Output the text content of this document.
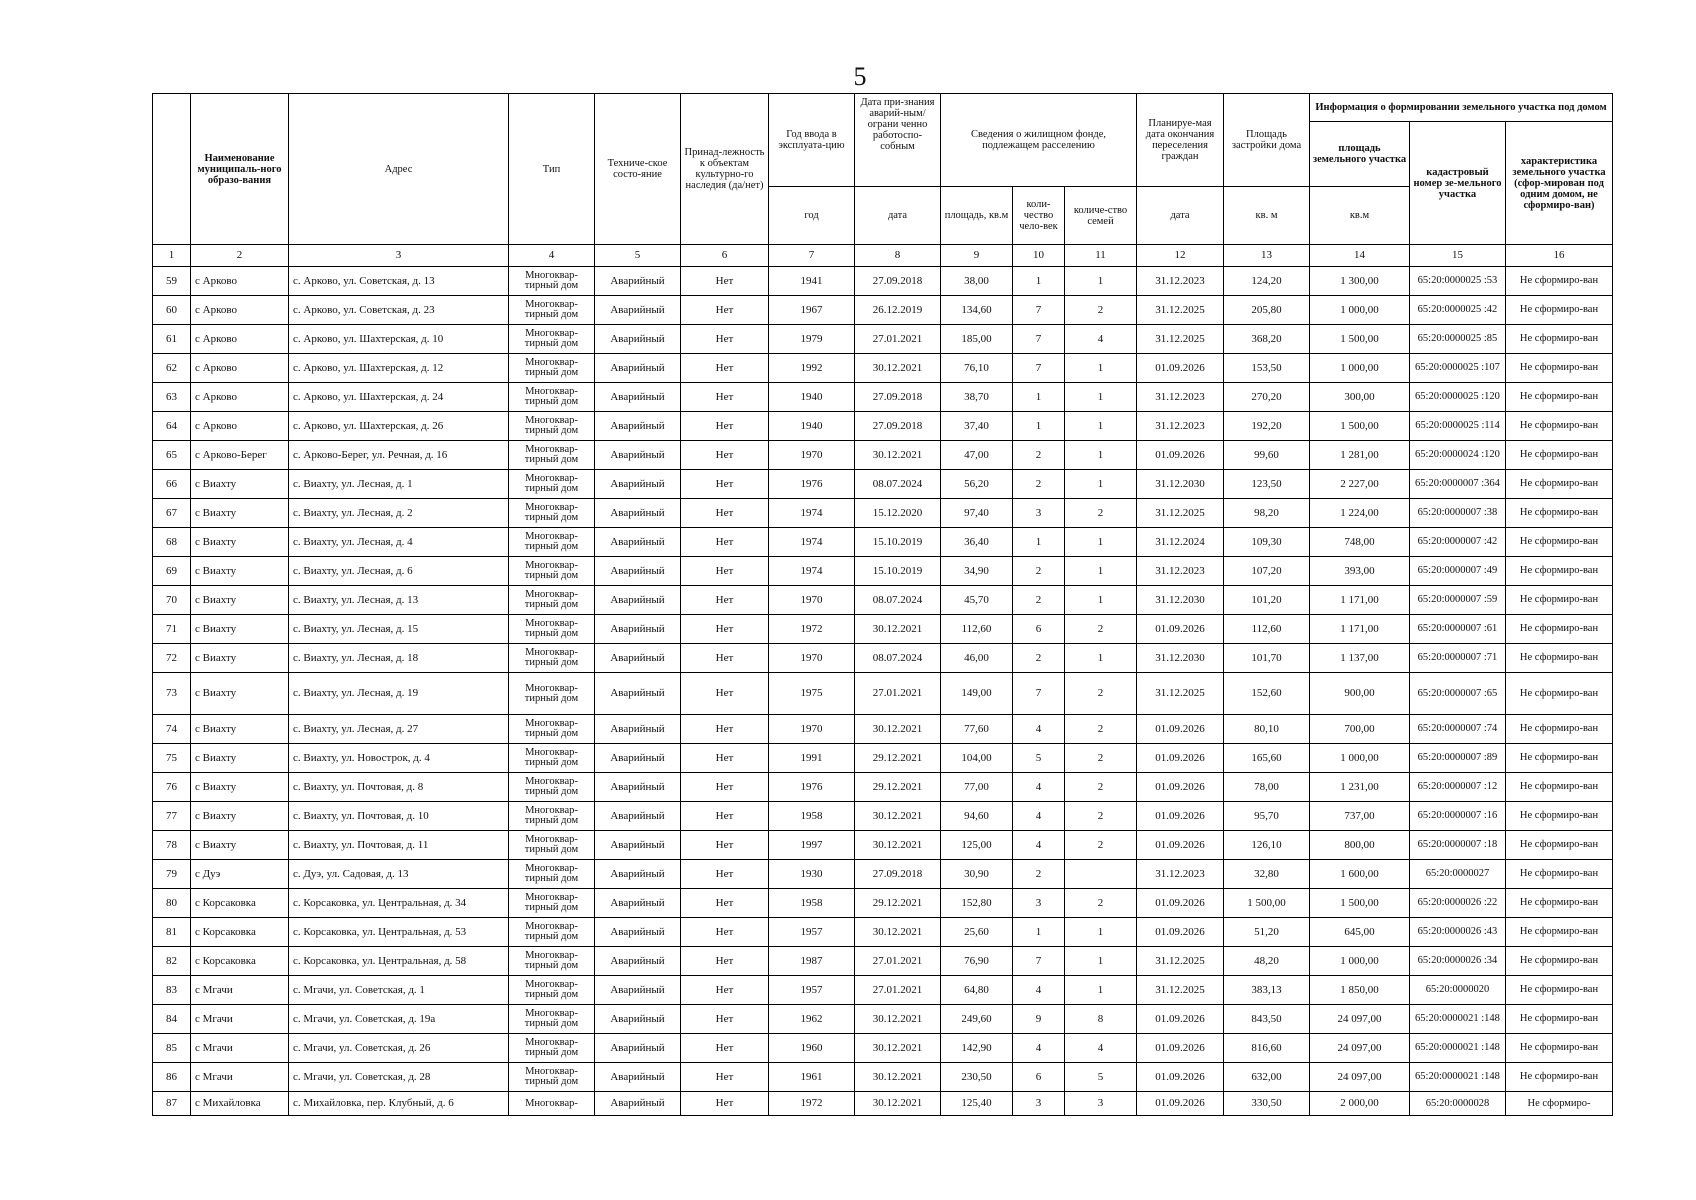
5
	Наименование муниципаль-ного образо-вания	Адрес	Тип	Техниче-ское состо-яние	Принад-лежность к объектам культурно-го наследия (да/нет)	Год ввода в эксплуата-цию	Дата при-знания аварий-ным/ограни ченно работоспо-собным	Сведения о жилищном фонде, подлежащем расселению			Планируе-мая дата окончания переселения граждан	Площадь застройки дома	Информация о формировании земельного участка под домом		
													площадь земельного участка	кадастровый номер зе-мельного участка	характеристика земельного участка (сфор-мирован под одним домом, не сформиро-ван)
						год	дата	площадь, кв.м	коли-чество чело-век	количе-ство семей	дата	кв. м	кв.м		
1	2	3	4	5	6	7	8	9	10	11	12	13	14	15	16
59	с Арково	с. Арково, ул. Советская, д. 13	Многоквар-тирный дом	Аварийный	Нет	1941	27.09.2018	38,00	1	1	31.12.2023	124,20	1 300,00	65:20:0000025 :53	Не сформиро-ван
60	с Арково	с. Арково, ул. Советская, д. 23	Многоквар-тирный дом	Аварийный	Нет	1967	26.12.2019	134,60	7	2	31.12.2025	205,80	1 000,00	65:20:0000025 :42	Не сформиро-ван
61	с Арково	с. Арково, ул. Шахтерская, д. 10	Многоквар-тирный дом	Аварийный	Нет	1979	27.01.2021	185,00	7	4	31.12.2025	368,20	1 500,00	65:20:0000025 :85	Не сформиро-ван
62	с Арково	с. Арково, ул. Шахтерская, д. 12	Многоквар-тирный дом	Аварийный	Нет	1992	30.12.2021	76,10	7	1	01.09.2026	153,50	1 000,00	65:20:0000025 :107	Не сформиро-ван
63	с Арково	с. Арково, ул. Шахтерская, д. 24	Многоквар-тирный дом	Аварийный	Нет	1940	27.09.2018	38,70	1	1	31.12.2023	270,20	300,00	65:20:0000025 :120	Не сформиро-ван
64	с Арково	с. Арково, ул. Шахтерская, д. 26	Многоквар-тирный дом	Аварийный	Нет	1940	27.09.2018	37,40	1	1	31.12.2023	192,20	1 500,00	65:20:0000025 :114	Не сформиро-ван
65	с Арково-Берег	с. Арково-Берег, ул. Речная, д. 16	Многоквар-тирный дом	Аварийный	Нет	1970	30.12.2021	47,00	2	1	01.09.2026	99,60	1 281,00	65:20:0000024 :120	Не сформиро-ван
66	с Виахту	с. Виахту, ул. Лесная, д. 1	Многоквар-тирный дом	Аварийный	Нет	1976	08.07.2024	56,20	2	1	31.12.2030	123,50	2 227,00	65:20:0000007 :364	Не сформиро-ван
67	с Виахту	с. Виахту, ул. Лесная, д. 2	Многоквар-тирный дом	Аварийный	Нет	1974	15.12.2020	97,40	3	2	31.12.2025	98,20	1 224,00	65:20:0000007 :38	Не сформиро-ван
68	с Виахту	с. Виахту, ул. Лесная, д. 4	Многоквар-тирный дом	Аварийный	Нет	1974	15.10.2019	36,40	1	1	31.12.2024	109,30	748,00	65:20:0000007 :42	Не сформиро-ван
69	с Виахту	с. Виахту, ул. Лесная, д. 6	Многоквар-тирный дом	Аварийный	Нет	1974	15.10.2019	34,90	2	1	31.12.2023	107,20	393,00	65:20:0000007 :49	Не сформиро-ван
70	с Виахту	с. Виахту, ул. Лесная, д. 13	Многоквар-тирный дом	Аварийный	Нет	1970	08.07.2024	45,70	2	1	31.12.2030	101,20	1 171,00	65:20:0000007 :59	Не сформиро-ван
71	с Виахту	с. Виахту, ул. Лесная, д. 15	Многоквар-тирный дом	Аварийный	Нет	1972	30.12.2021	112,60	6	2	01.09.2026	112,60	1 171,00	65:20:0000007 :61	Не сформиро-ван
72	с Виахту	с. Виахту, ул. Лесная, д. 18	Многоквар-тирный дом	Аварийный	Нет	1970	08.07.2024	46,00	2	1	31.12.2030	101,70	1 137,00	65:20:0000007 :71	Не сформиро-ван
73	с Виахту	с. Виахту, ул. Лесная, д. 19	Многоквар-тирный дом	Аварийный	Нет	1975	27.01.2021	149,00	7	2	31.12.2025	152,60	900,00	65:20:0000007 :65	Не сформиро-ван
74	с Виахту	с. Виахту, ул. Лесная, д. 27	Многоквар-тирный дом	Аварийный	Нет	1970	30.12.2021	77,60	4	2	01.09.2026	80,10	700,00	65:20:0000007 :74	Не сформиро-ван
75	с Виахту	с. Виахту, ул. Новострок, д. 4	Многоквар-тирный дом	Аварийный	Нет	1991	29.12.2021	104,00	5	2	01.09.2026	165,60	1 000,00	65:20:0000007 :89	Не сформиро-ван
76	с Виахту	с. Виахту, ул. Почтовая, д. 8	Многоквар-тирный дом	Аварийный	Нет	1976	29.12.2021	77,00	4	2	01.09.2026	78,00	1 231,00	65:20:0000007 :12	Не сформиро-ван
77	с Виахту	с. Виахту, ул. Почтовая, д. 10	Многоквар-тирный дом	Аварийный	Нет	1958	30.12.2021	94,60	4	2	01.09.2026	95,70	737,00	65:20:0000007 :16	Не сформиро-ван
78	с Виахту	с. Виахту, ул. Почтовая, д. 11	Многоквар-тирный дом	Аварийный	Нет	1997	30.12.2021	125,00	4	2	01.09.2026	126,10	800,00	65:20:0000007 :18	Не сформиро-ван
79	с Дуэ	с. Дуэ, ул. Садовая, д. 13	Многоквар-тирный дом	Аварийный	Нет	1930	27.09.2018	30,90	2		31.12.2023	32,80	1 600,00	65:20:0000027	Не сформиро-ван
80	с Корсаковка	с. Корсаковка, ул. Центральная, д. 34	Многоквар-тирный дом	Аварийный	Нет	1958	29.12.2021	152,80	3	2	01.09.2026	1 500,00	1 500,00	65:20:0000026 :22	Не сформиро-ван
81	с Корсаковка	с. Корсаковка, ул. Центральная, д. 53	Многоквар-тирный дом	Аварийный	Нет	1957	30.12.2021	25,60	1	1	01.09.2026	51,20	645,00	65:20:0000026 :43	Не сформиро-ван
82	с Корсаковка	с. Корсаковка, ул. Центральная, д. 58	Многоквар-тирный дом	Аварийный	Нет	1987	27.01.2021	76,90	7	1	31.12.2025	48,20	1 000,00	65:20:0000026 :34	Не сформиро-ван
83	с Мгачи	с. Мгачи, ул. Советская, д. 1	Многоквар-тирный дом	Аварийный	Нет	1957	27.01.2021	64,80	4	1	31.12.2025	383,13	1 850,00	65:20:0000020	Не сформиро-ван
84	с Мгачи	с. Мгачи, ул. Советская, д. 19а	Многоквар-тирный дом	Аварийный	Нет	1962	30.12.2021	249,60	9	8	01.09.2026	843,50	24 097,00	65:20:0000021 :148	Не сформиро-ван
85	с Мгачи	с. Мгачи, ул. Советская, д. 26	Многоквар-тирный дом	Аварийный	Нет	1960	30.12.2021	142,90	4	4	01.09.2026	816,60	24 097,00	65:20:0000021 :148	Не сформиро-ван
86	с Мгачи	с. Мгачи, ул. Советская, д. 28	Многоквар-тирный дом	Аварийный	Нет	1961	30.12.2021	230,50	6	5	01.09.2026	632,00	24 097,00	65:20:0000021 :148	Не сформиро-ван
87	с Михайловка	с. Михайловка, пер. Клубный, д. 6	Многоквар-	Аварийный	Нет	1972	30.12.2021	125,40	3	3	01.09.2026	330,50	2 000,00	65:20:0000028	Не сформиро-
